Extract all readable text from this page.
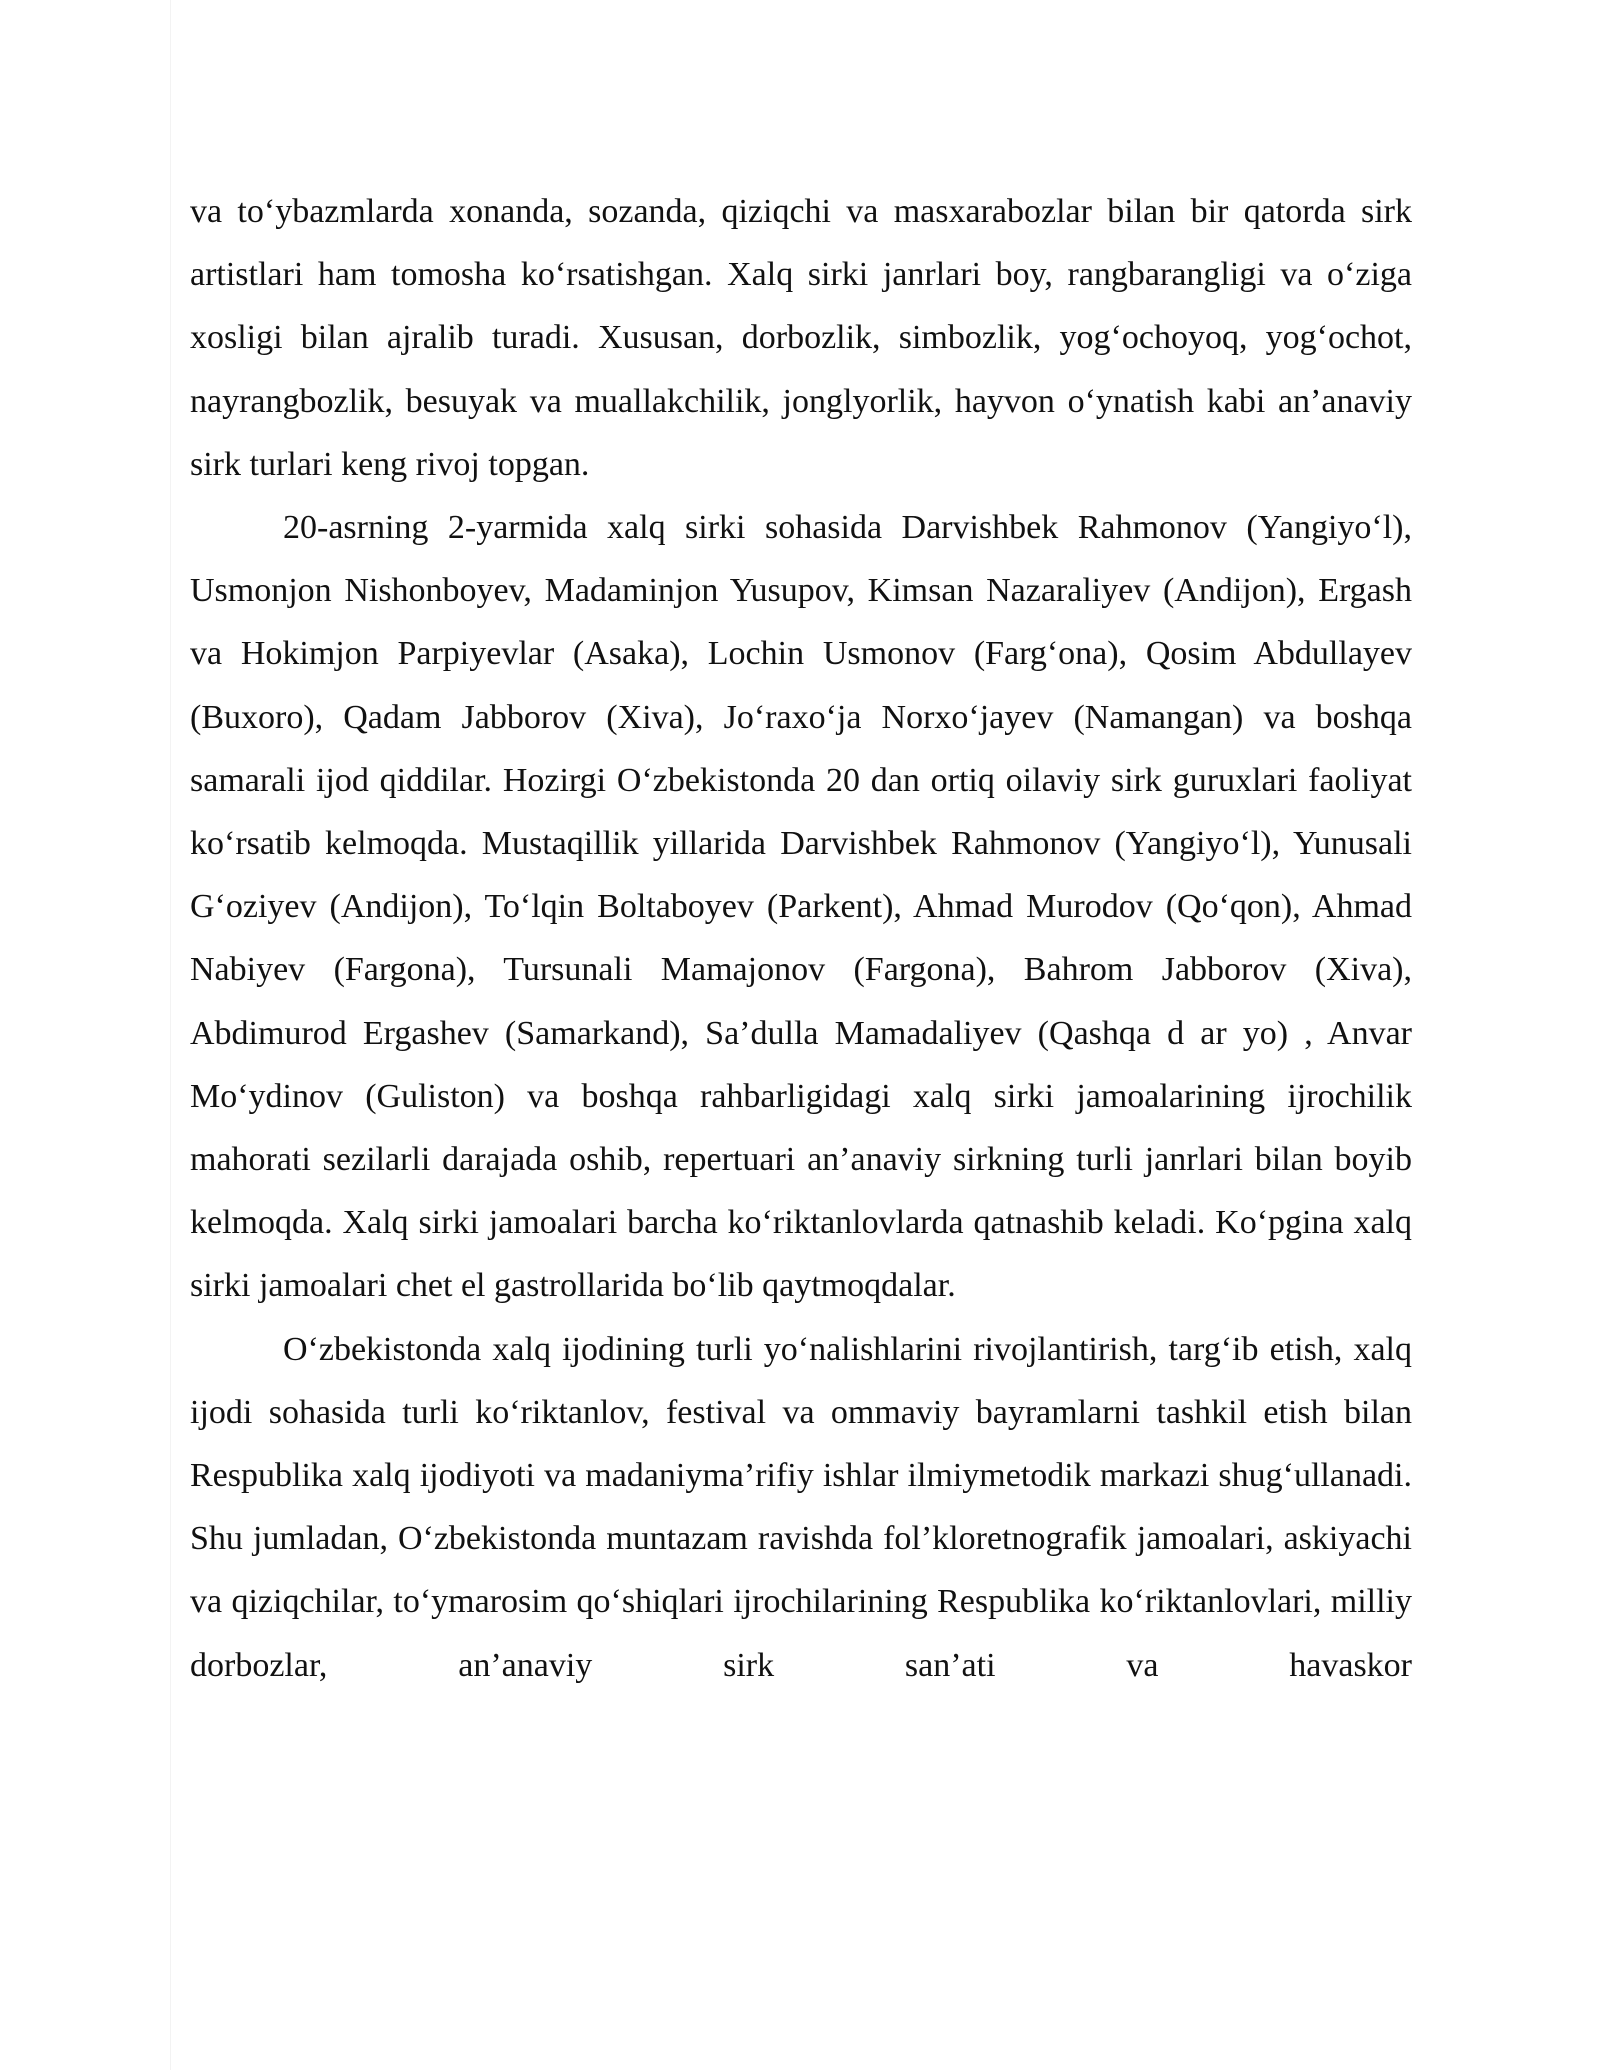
va to‘ybazmlarda xonanda, sozanda, qiziqchi va masxarabozlar bilan bir qatorda sirk artistlari ham tomosha ko‘rsatishgan. Xalq sirki janrlari boy, rangbarangligi va o‘ziga xosligi bilan ajralib turadi. Xususan, dorbozlik, simbozlik, yog‘ochoyoq, yog‘ochot, nayrangbozlik, besuyak va muallakchilik, jonglyorlik, hayvon o‘ynatish kabi an’anaviy sirk turlari keng rivoj topgan.

20-asrning 2-yarmida xalq sirki sohasida Darvishbek Rahmonov (Yangiyo‘l), Usmonjon Nishonboyev, Madaminjon Yusupov, Kimsan Nazaraliyev (Andijon), Ergash va Hokimjon Parpiyevlar (Asaka), Lochin Usmonov (Farg‘ona), Qosim Abdullayev (Buxoro), Qadam Jabborov (Xiva), Jo‘raxo‘ja Norxo‘jayev (Namangan) va boshqa samarali ijod qiddilar. Hozirgi O‘zbekistonda 20 dan ortiq oilaviy sirk guruxlari faoliyat ko‘rsatib kelmoqda. Mustaqillik yillarida Darvishbek Rahmonov (Yangiyo‘l), Yunusali G‘oziyev (Andijon), To‘lqin Boltaboyev (Parkent), Ahmad Murodov (Qo‘qon), Ahmad Nabiyev (Fargona), Tursunali Mamajonov (Fargona), Bahrom Jabborov (Xiva), Abdimurod Ergashev (Samarkand), Sa’dulla Mamadaliyev (Qashqa d ar yo) , Anvar Mo‘ydinov (Guliston) va boshqa rahbarligidagi xalq sirki jamoalarining ijrochilik mahorati sezilarli darajada oshib, repertuari an’anaviy sirkning turli janrlari bilan boyib kelmoqda. Xalq sirki jamoalari barcha ko‘riktanlovlarda qatnashib keladi. Ko‘pgina xalq sirki jamoalari chet el gastrollarida bo‘lib qaytmoqdalar.

O‘zbekistonda xalq ijodining turli yo‘nalishlarini rivojlantirish, targ‘ib etish, xalq ijodi sohasida turli ko‘riktanlov, festival va ommaviy bayramlarni tashkil etish bilan Respublika xalq ijodiyoti va madaniyma’rifiy ishlar ilmiymetodik markazi shug‘ullanadi. Shu jumladan, O‘zbekistonda muntazam ravishda fol’kloretnografik jamoalari, askiyachi va qiziqchilar, to‘ymarosim qo‘shiqlari ijrochilarining Respublika ko‘riktanlovlari, milliy dorbozlar, an’anaviy sirk san’ati va havaskor
